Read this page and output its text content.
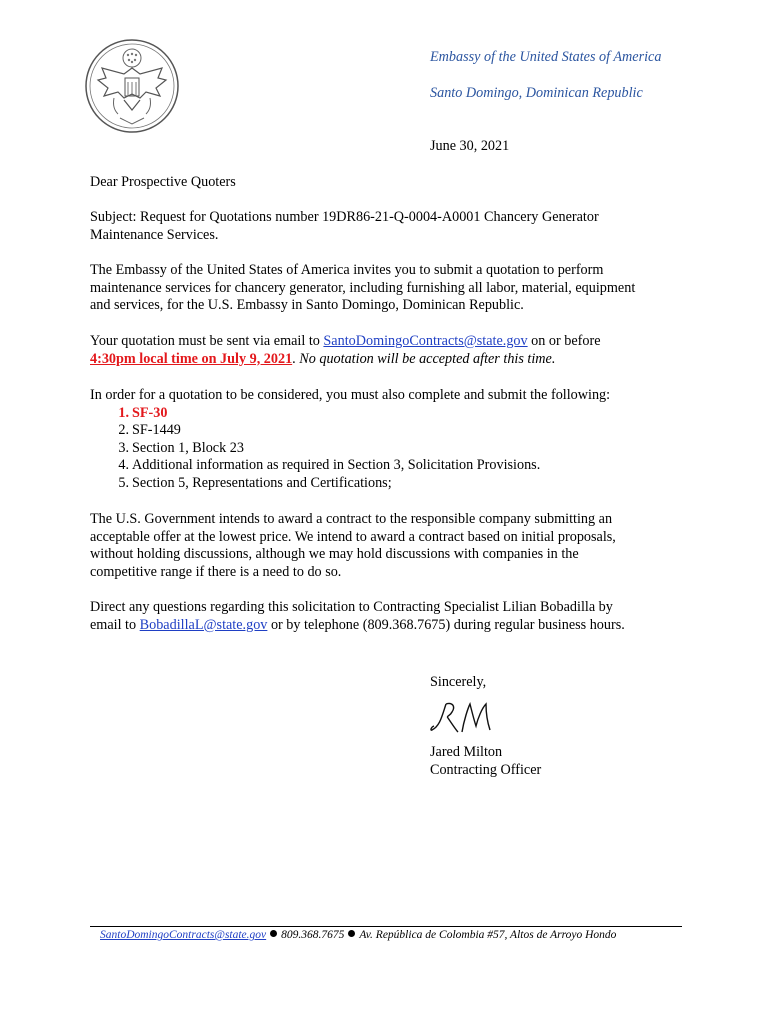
Embassy of the United States of America
Santo Domingo, Dominican Republic
June 30, 2021
Dear Prospective Quoters
Subject: Request for Quotations number 19DR86-21-Q-0004-A0001 Chancery Generator
Maintenance Services.
The Embassy of the United States of America invites you to submit a quotation to perform
maintenance services for chancery generator, including furnishing all labor, material, equipment
and services, for the U.S. Embassy in Santo Domingo, Dominican Republic.
Your quotation must be sent via email to SantoDomingoContracts@state.gov on or before
4:30pm local time on July 9, 2021. No quotation will be accepted after this time.
In order for a quotation to be considered, you must also complete and submit the following:
1. SF-30
2. SF-1449
3. Section 1, Block 23
4. Additional information as required in Section 3, Solicitation Provisions.
5. Section 5, Representations and Certifications;
The U.S. Government intends to award a contract to the responsible company submitting an
acceptable offer at the lowest price. We intend to award a contract based on initial proposals,
without holding discussions, although we may hold discussions with companies in the
competitive range if there is a need to do so.
Direct any questions regarding this solicitation to Contracting Specialist Lilian Bobadilla by
email to BobadillaL@state.gov or by telephone (809.368.7675) during regular business hours.
Sincerely,
JRM
Jared Milton
Contracting Officer
SantoDomingoContracts@state.gov 809.368.7675 Av. República de Colombia #57, Altos de Arroyo Hondo
